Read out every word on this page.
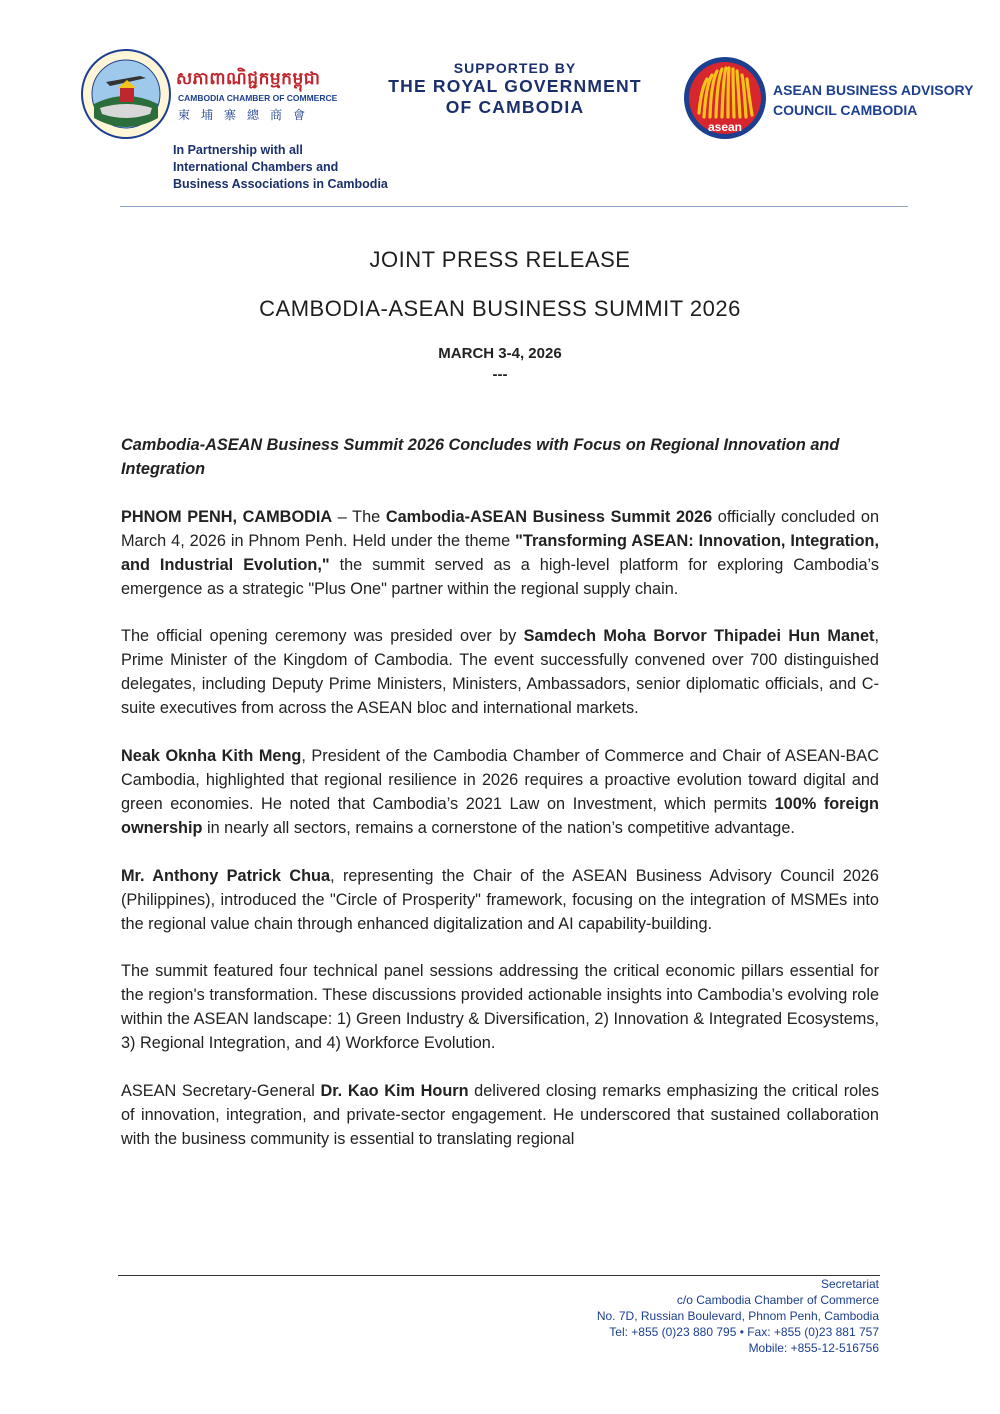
សភាពាណិជ្ជកម្មកម្ពុជា
CAMBODIA CHAMBER OF COMMERCE
柬埔寨總商會
In Partnership with all
International Chambers and
Business Associations in Cambodia
SUPPORTED BY
THE ROYAL GOVERNMENT
OF CAMBODIA
asean
ASEAN BUSINESS ADVISORY
COUNCIL CAMBODIA
JOINT PRESS RELEASE
CAMBODIA-ASEAN BUSINESS SUMMIT 2026
MARCH 3-4, 2026
---

Cambodia-ASEAN Business Summit 2026 Concludes with Focus on Regional Innovation and Integration

PHNOM PENH, CAMBODIA – The Cambodia-ASEAN Business Summit 2026 officially concluded on March 4, 2026 in Phnom Penh. Held under the theme "Transforming ASEAN: Innovation, Integration, and Industrial Evolution," the summit served as a high-level platform for exploring Cambodia’s emergence as a strategic "Plus One" partner within the regional supply chain.

The official opening ceremony was presided over by Samdech Moha Borvor Thipadei Hun Manet, Prime Minister of the Kingdom of Cambodia. The event successfully convened over 700 distinguished delegates, including Deputy Prime Ministers, Ministers, Ambassadors, senior diplomatic officials, and C-suite executives from across the ASEAN bloc and international markets.

Neak Oknha Kith Meng, President of the Cambodia Chamber of Commerce and Chair of ASEAN-BAC Cambodia, highlighted that regional resilience in 2026 requires a proactive evolution toward digital and green economies. He noted that Cambodia’s 2021 Law on Investment, which permits 100% foreign ownership in nearly all sectors, remains a cornerstone of the nation’s competitive advantage.

Mr. Anthony Patrick Chua, representing the Chair of the ASEAN Business Advisory Council 2026 (Philippines), introduced the "Circle of Prosperity" framework, focusing on the integration of MSMEs into the regional value chain through enhanced digitalization and AI capability-building.

The summit featured four technical panel sessions addressing the critical economic pillars essential for the region's transformation. These discussions provided actionable insights into Cambodia’s evolving role within the ASEAN landscape: 1) Green Industry & Diversification, 2) Innovation & Integrated Ecosystems, 3) Regional Integration, and 4) Workforce Evolution.

ASEAN Secretary-General Dr. Kao Kim Hourn delivered closing remarks emphasizing the critical roles of innovation, integration, and private-sector engagement. He underscored that sustained collaboration with the business community is essential to translating regional

Secretariat
c/o Cambodia Chamber of Commerce
No. 7D, Russian Boulevard, Phnom Penh, Cambodia
Tel: +855 (0)23 880 795 • Fax: +855 (0)23 881 757
Mobile: +855-12-516756
